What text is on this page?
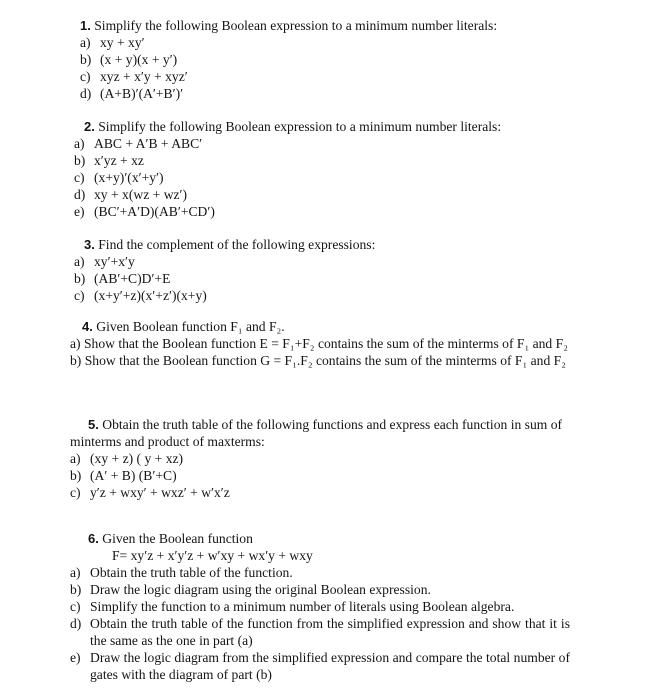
1. Simplify the following Boolean expression to a minimum number literals:
a) xy + xy′
b) (x + y)(x + y′)
c) xyz + x′y + xyz′
d) (A+B)′(A′+B′)′
2. Simplify the following Boolean expression to a minimum number literals:
a) ABC + A′B + ABC′
b) x′yz + xz
c) (x+y)′(x′+y′)
d) xy + x(wz + wz′)
e) (BC′+A′D)(AB′+CD′)
3. Find the complement of the following expressions:
a) xy′+x′y
b) (AB′+C)D′+E
c) (x+y′+z)(x′+z′)(x+y)
4. Given Boolean function F₁ and F₂.
a) Show that the Boolean function E = F₁+F₂ contains the sum of the minterms of F₁ and F₂
b) Show that the Boolean function G = F₁.F₂ contains the sum of the minterms of F₁ and F₂
5. Obtain the truth table of the following functions and express each function in sum of minterms and product of maxterms:
a) (xy + z) ( y + xz)
b) (A′ + B) (B′+C)
c) y′z + wxy′ + wxz′ + w′x′z
6. Given the Boolean function
F= xy′z + x′y′z + w′xy + wx′y + wxy
a) Obtain the truth table of the function.
b) Draw the logic diagram using the original Boolean expression.
c) Simplify the function to a minimum number of literals using Boolean algebra.
d) Obtain the truth table of the function from the simplified expression and show that it is the same as the one in part (a)
e) Draw the logic diagram from the simplified expression and compare the total number of gates with the diagram of part (b)
